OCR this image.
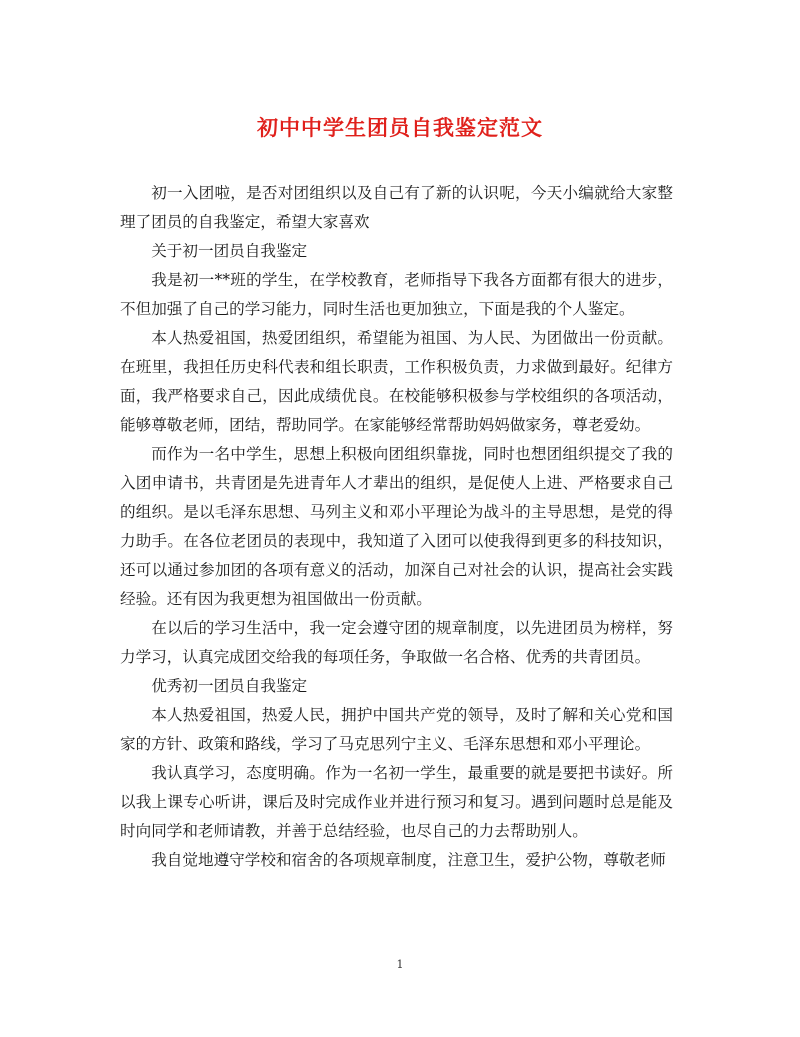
初中中学生团员自我鉴定范文

初一入团啦，是否对团组织以及自己有了新的认识呢，今天小编就给大家整理了团员的自我鉴定，希望大家喜欢

关于初一团员自我鉴定

我是初一**班的学生，在学校教育，老师指导下我各方面都有很大的进步，不但加强了自己的学习能力，同时生活也更加独立，下面是我的个人鉴定。

本人热爱祖国，热爱团组织，希望能为祖国、为人民、为团做出一份贡献。在班里，我担任历史科代表和组长职责，工作积极负责，力求做到最好。纪律方面，我严格要求自己，因此成绩优良。在校能够积极参与学校组织的各项活动，能够尊敬老师，团结，帮助同学。在家能够经常帮助妈妈做家务，尊老爱幼。

而作为一名中学生，思想上积极向团组织靠拢，同时也想团组织提交了我的入团申请书，共青团是先进青年人才辈出的组织，是促使人上进、严格要求自己的组织。是以毛泽东思想、马列主义和邓小平理论为战斗的主导思想，是党的得力助手。在各位老团员的表现中，我知道了入团可以使我得到更多的科技知识，还可以通过参加团的各项有意义的活动，加深自己对社会的认识，提高社会实践经验。还有因为我更想为祖国做出一份贡献。

在以后的学习生活中，我一定会遵守团的规章制度，以先进团员为榜样，努力学习，认真完成团交给我的每项任务，争取做一名合格、优秀的共青团员。

优秀初一团员自我鉴定

本人热爱祖国，热爱人民，拥护中国共产党的领导，及时了解和关心党和国家的方针、政策和路线，学习了马克思列宁主义、毛泽东思想和邓小平理论。

我认真学习，态度明确。作为一名初一学生，最重要的就是要把书读好。所以我上课专心听讲，课后及时完成作业并进行预习和复习。遇到问题时总是能及时向同学和老师请教，并善于总结经验，也尽自己的力去帮助别人。

我自觉地遵守学校和宿舍的各项规章制度，注意卫生，爱护公物，尊敬老师

1
